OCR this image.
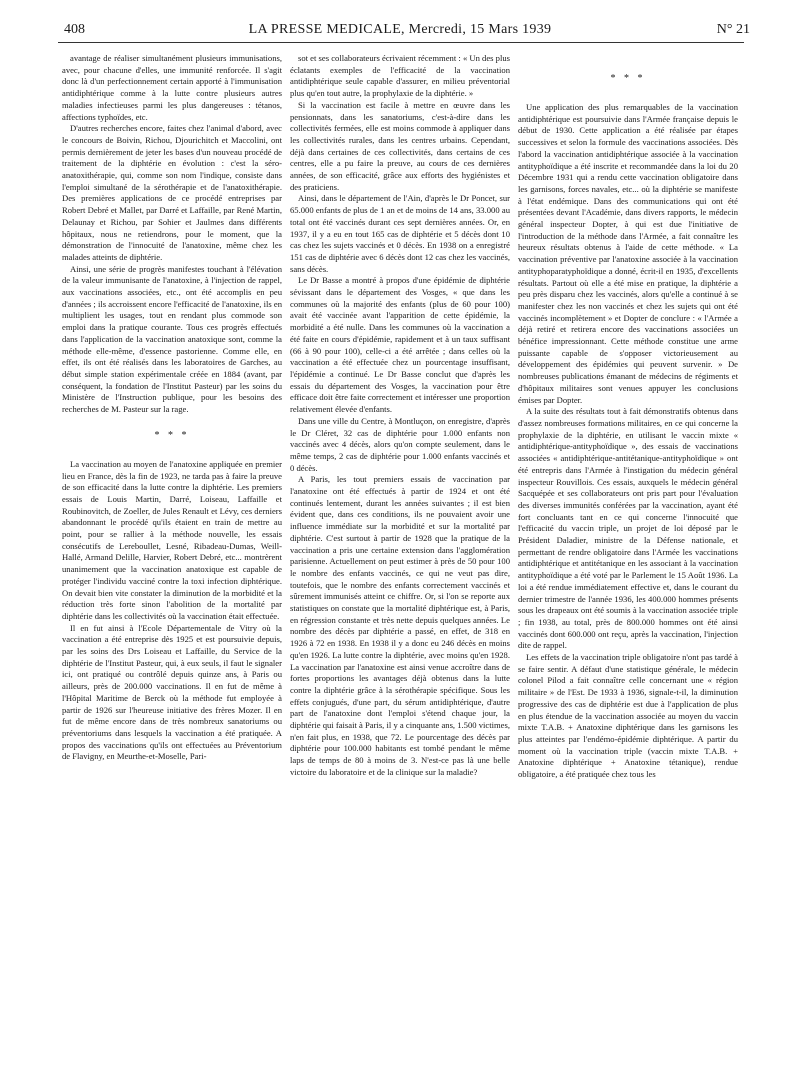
408	LA PRESSE MEDICALE, Mercredi, 15 Mars 1939	N° 21

avantage de réaliser simultanément plusieurs immunisations, avec, pour chacune d'elles, une immunité renforcée. Il s'agit donc là d'un perfectionnement certain apporté à l'immunisation antidiphtérique comme à la lutte contre plusieurs autres maladies infectieuses parmi les plus dangereuses : tétanos, affections typhoïdes, etc.

D'autres recherches encore, faites chez l'animal d'abord, avec le concours de Boivin, Richou, Djourichitch et Maccolini, ont permis dernièrement de jeter les bases d'un nouveau procédé de traitement de la diphtérie en évolution : c'est la séro-anatoxithérapie, qui, comme son nom l'indique, consiste dans l'emploi simultané de la sérothérapie et de l'anatoxithérapie. Des premières applications de ce procédé entreprises par Robert Debré et Mallet, par Darré et Laffaille, par René Martin, Delaunay et Richou, par Sohier et Jaulmes dans différents hôpitaux, nous ne retiendrons, pour le moment, que la démonstration de l'innocuité de l'anatoxine, même chez les malades atteints de diphtérie.

Ainsi, une série de progrès manifestes touchant à l'élévation de la valeur immunisante de l'anatoxine, à l'injection de rappel, aux vaccinations associées, etc., ont été accomplis en peu d'années ; ils accroissent encore l'efficacité de l'anatoxine, ils en multiplient les usages, tout en rendant plus commode son emploi dans la pratique courante. Tous ces progrès effectués dans l'application de la vaccination anatoxique sont, comme la méthode elle-même, d'essence pastorienne. Comme elle, en effet, ils ont été réalisés dans les laboratoires de Garches, au début simple station expérimentale créée en 1884 (avant, par conséquent, la fondation de l'Institut Pasteur) par les soins du Ministère de l'Instruction publique, pour les besoins des recherches de M. Pasteur sur la rage.

* * *

La vaccination au moyen de l'anatoxine appliquée en premier lieu en France, dès la fin de 1923, ne tarda pas à faire la preuve de son efficacité dans la lutte contre la diphtérie. Les premiers essais de Louis Martin, Darré, Loiseau, Laffaille et Roubinovitch, de Zoeller, de Jules Renault et Lévy, ces derniers abandonnant le procédé qu'ils étaient en train de mettre au point, pour se rallier à la méthode nouvelle, les essais consécutifs de Lereboullet, Lesné, Ribadeau-Dumas, Weill-Hallé, Armand Delille, Harvier, Robert Debré, etc... montrèrent unanimement que la vaccination anatoxique est capable de protéger l'individu vacciné contre la toxi infection diphtérique. On devait bien vite constater la diminution de la morbidité et la réduction très forte sinon l'abolition de la mortalité par diphtérie dans les collectivités où la vaccination était effectuée.

Il en fut ainsi à l'Ecole Départementale de Vitry où la vaccination a été entreprise dès 1925 et est poursuivie depuis, par les soins des Drs Loiseau et Laffaille, du Service de la diphtérie de l'Institut Pasteur, qui, à eux seuls, il faut le signaler ici, ont pratiqué ou contrôlé depuis quinze ans, à Paris ou ailleurs, près de 200.000 vaccinations. Il en fut de même à l'Hôpital Maritime de Berck où la méthode fut employée à partir de 1926 sur l'heureuse initiative des frères Mozer. Il en fut de même encore dans de très nombreux sanatoriums ou préventoriums dans lesquels la vaccination a été pratiquée. A propos des vaccinations qu'ils ont effectuées au Préventorium de Flavigny, en Meurthe-et-Moselle, Pari-

sot et ses collaborateurs écrivaient récemment : « Un des plus éclatants exemples de l'efficacité de la vaccination antidiphtérique seule capable d'assurer, en milieu préventorial plus qu'en tout autre, la prophylaxie de la diphtérie. »

Si la vaccination est facile à mettre en œuvre dans les pensionnats, dans les sanatoriums, c'est-à-dire dans les collectivités fermées, elle est moins commode à appliquer dans les collectivités rurales, dans les centres urbains. Cependant, déjà dans certaines de ces collectivités, dans certains de ces centres, elle a pu faire la preuve, au cours de ces dernières années, de son efficacité, grâce aux efforts des hygiénistes et des praticiens.

Ainsi, dans le département de l'Ain, d'après le Dr Poncet, sur 65.000 enfants de plus de 1 an et de moins de 14 ans, 33.000 au total ont été vaccinés durant ces sept dernières années. Or, en 1937, il y a eu en tout 165 cas de diphtérie et 5 décès dont 10 cas chez les sujets vaccinés et 0 décès. En 1938 on a enregistré 151 cas de diphtérie avec 6 décès dont 12 cas chez les vaccinés, sans décès.

Le Dr Basse a montré à propos d'une épidémie de diphtérie sévissant dans le département des Vosges, « que dans les communes où la majorité des enfants (plus de 60 pour 100) avait été vaccinée avant l'apparition de cette épidémie, la morbidité a été nulle. Dans les communes où la vaccination a été faite en cours d'épidémie, rapidement et à un taux suffisant (66 à 90 pour 100), celle-ci a été arrêtée ; dans celles où la vaccination a été effectuée chez un pourcentage insuffisant, l'épidémie a continué. Le Dr Basse conclut que d'après les essais du département des Vosges, la vaccination pour être efficace doit être faite correctement et intéresser une proportion relativement élevée d'enfants.

Dans une ville du Centre, à Montluçon, on enregistre, d'après le Dr Cléret, 32 cas de diphtérie pour 1.000 enfants non vaccinés avec 4 décès, alors qu'on compte seulement, dans le même temps, 2 cas de diphtérie pour 1.000 enfants vaccinés et 0 décès.

A Paris, les tout premiers essais de vaccination par l'anatoxine ont été effectués à partir de 1924 et ont été continués lentement, durant les années suivantes ; il est bien évident que, dans ces conditions, ils ne pouvaient avoir une influence immédiate sur la morbidité et sur la mortalité par diphtérie. C'est surtout à partir de 1928 que la pratique de la vaccination a pris une certaine extension dans l'agglomération parisienne. Actuellement on peut estimer à près de 50 pour 100 le nombre des enfants vaccinés, ce qui ne veut pas dire, toutefois, que le nombre des enfants correctement vaccinés et sûrement immunisés atteint ce chiffre. Or, si l'on se reporte aux statistiques on constate que la mortalité diphtérique est, à Paris, en régression constante et très nette depuis quelques années. Le nombre des décès par diphtérie a passé, en effet, de 318 en 1926 à 72 en 1938. En 1938 il y a donc eu 246 décès en moins qu'en 1926. La lutte contre la diphtérie, avec moins qu'en 1928. La vaccination par l'anatoxine est ainsi venue accroître dans de fortes proportions les avantages déjà obtenus dans la lutte contre la diphtérie grâce à la sérothérapie spécifique. Sous les effets conjugués, d'une part, du sérum antidiphtérique, d'autre part de l'anatoxine dont l'emploi s'étend chaque jour, la diphtérie qui faisait à Paris, il y a cinquante ans, 1.500 victimes, n'en fait plus, en 1938, que 72. Le pourcentage des décès par diphtérie pour 100.000 habitants est tombé pendant le même laps de temps de 80 à moins de 3. N'est-ce pas là une belle victoire du laboratoire et de la clinique sur la maladie?

* * *

Une application des plus remarquables de la vaccination antidiphtérique est poursuivie dans l'Armée française depuis le début de 1930. Cette application a été réalisée par étapes successives et selon la formule des vaccinations associées. Dès l'abord la vaccination antidiphtérique associée à la vaccination antityphoïdique a été inscrite et recommandée dans la loi du 20 Décembre 1931 qui a rendu cette vaccination obligatoire dans les garnisons, forces navales, etc... où la diphtérie se manifeste à l'état endémique. Dans des communications qui ont été présentées devant l'Académie, dans divers rapports, le médecin général inspecteur Dopter, à qui est due l'initiative de l'introduction de la méthode dans l'Armée, a fait connaître les heureux résultats obtenus à l'aide de cette méthode. « La vaccination préventive par l'anatoxine associée à la vaccination antityphoparatyphoïdique a donné, écrit-il en 1935, d'excellents résultats. Partout où elle a été mise en pratique, la diphtérie a peu près disparu chez les vaccinés, alors qu'elle a continué à se manifester chez les non vaccinés et chez les sujets qui ont été vaccinés incomplètement » et Dopter de conclure : « l'Armée a déjà retiré et retirera encore des vaccinations associées un bénéfice impressionnant. Cette méthode constitue une arme puissante capable de s'opposer victorieusement au développement des épidémies qui peuvent survenir. » De nombreuses publications émanant de médecins de régiments et d'hôpitaux militaires sont venues appuyer les conclusions émises par Dopter.

A la suite des résultats tout à fait démonstratifs obtenus dans d'assez nombreuses formations militaires, en ce qui concerne la prophylaxie de la diphtérie, en utilisant le vaccin mixte « antidiphtérique-antityphoïdique », des essais de vaccinations associées « antidiphtérique-antitétanique-antityphoïdique » ont été entrepris dans l'Armée à l'instigation du médecin général inspecteur Rouvillois. Ces essais, auxquels le médecin général Sacquépée et ses collaborateurs ont pris part pour l'évaluation des diverses immunités conférées par la vaccination, ayant été fort concluants tant en ce qui concerne l'innocuité que l'efficacité du vaccin triple, un projet de loi déposé par le Président Daladier, ministre de la Défense nationale, et permettant de rendre obligatoire dans l'Armée les vaccinations antidiphtérique et antitétanique en les associant à la vaccination antityphoïdique a été voté par le Parlement le 15 Août 1936. La loi a été rendue immédiatement effective et, dans le courant du dernier trimestre de l'année 1936, les 400.000 hommes présents sous les drapeaux ont été soumis à la vaccination associée triple ; fin 1938, au total, près de 800.000 hommes ont été ainsi vaccinés dont 600.000 ont reçu, après la vaccination, l'injection dite de rappel.

Les effets de la vaccination triple obligatoire n'ont pas tardé à se faire sentir. A défaut d'une statistique générale, le médecin colonel Pilod a fait connaître celle concernant une « région militaire » de l'Est. De 1933 à 1936, signale-t-il, la diminution progressive des cas de diphtérie est due à l'application de plus en plus étendue de la vaccination associée au moyen du vaccin mixte T.A.B. + Anatoxine diphtérique dans les garnisons les plus atteintes par l'endémo-épidémie diphtérique. A partir du moment où la vaccination triple (vaccin mixte T.A.B. + Anatoxine diphtérique + Anatoxine tétanique), rendue obligatoire, a été pratiquée chez tous les
